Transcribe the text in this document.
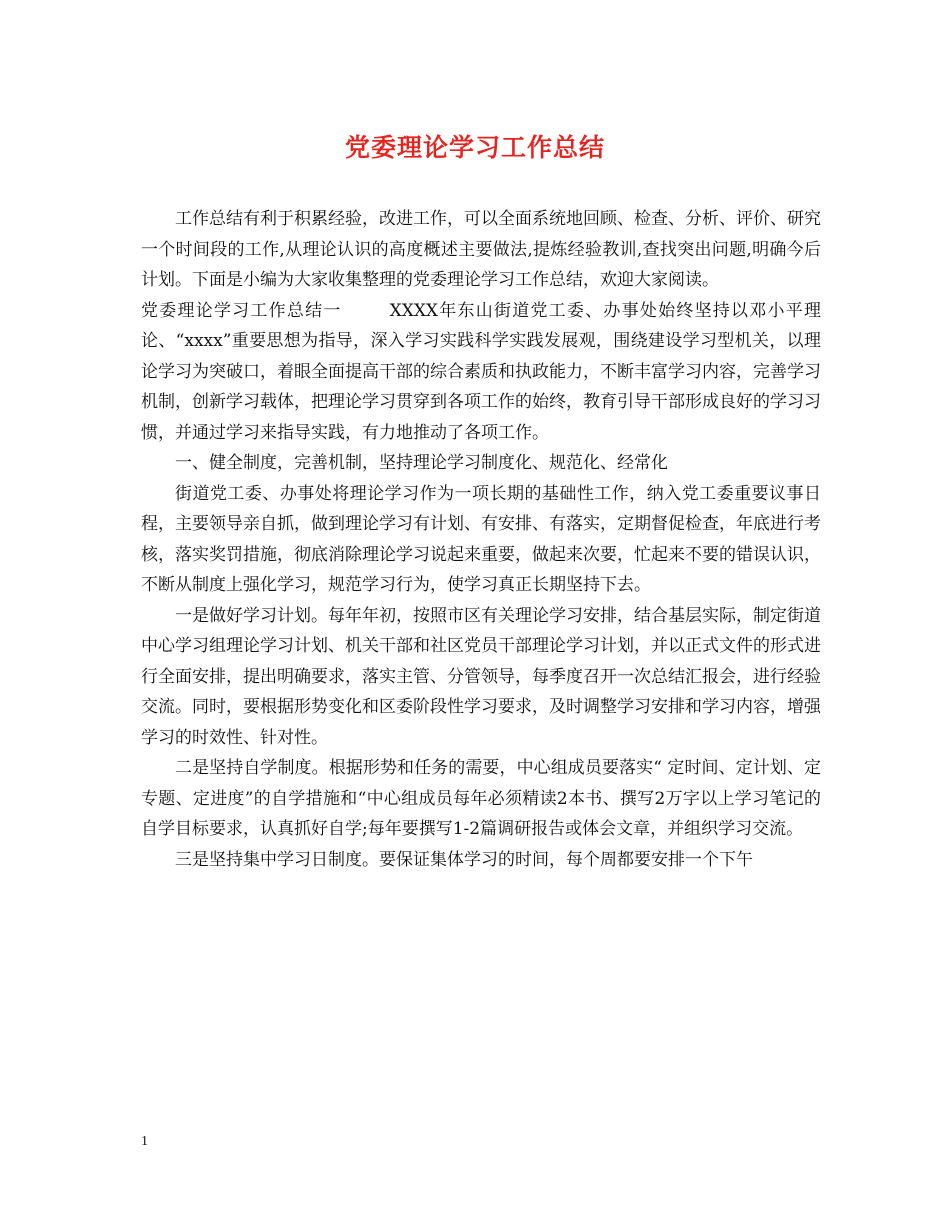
党委理论学习工作总结

工作总结有利于积累经验，改进工作，可以全面系统地回顾、检查、分析、评价、研究一个时间段的工作,从理论认识的高度概述主要做法,提炼经验教训,查找突出问题,明确今后计划。下面是小编为大家收集整理的党委理论学习工作总结，欢迎大家阅读。

党委理论学习工作总结一	XXXX年东山街道党工委、办事处始终坚持以邓小平理论、“xxxx”重要思想为指导，深入学习实践科学实践发展观，围绕建设学习型机关，以理论学习为突破口，着眼全面提高干部的综合素质和执政能力，不断丰富学习内容，完善学习机制，创新学习载体，把理论学习贯穿到各项工作的始终，教育引导干部形成良好的学习习惯，并通过学习来指导实践，有力地推动了各项工作。

一、健全制度，完善机制，坚持理论学习制度化、规范化、经常化

街道党工委、办事处将理论学习作为一项长期的基础性工作，纳入党工委重要议事日程，主要领导亲自抓，做到理论学习有计划、有安排、有落实，定期督促检查，年底进行考核，落实奖罚措施，彻底消除理论学习说起来重要，做起来次要，忙起来不要的错误认识，不断从制度上强化学习，规范学习行为，使学习真正长期坚持下去。

一是做好学习计划。每年年初，按照市区有关理论学习安排，结合基层实际，制定街道中心学习组理论学习计划、机关干部和社区党员干部理论学习计划，并以正式文件的形式进行全面安排，提出明确要求，落实主管、分管领导，每季度召开一次总结汇报会，进行经验交流。同时，要根据形势变化和区委阶段性学习要求，及时调整学习安排和学习内容，增强学习的时效性、针对性。

二是坚持自学制度。根据形势和任务的需要，中心组成员要落实“ 定时间、定计划、定专题、定进度”的自学措施和“中心组成员每年必须精读2本书、撰写2万字以上学习笔记的自学目标要求，认真抓好自学;每年要撰写1-2篇调研报告或体会文章，并组织学习交流。

三是坚持集中学习日制度。要保证集体学习的时间，每个周都要安排一个下午

1
